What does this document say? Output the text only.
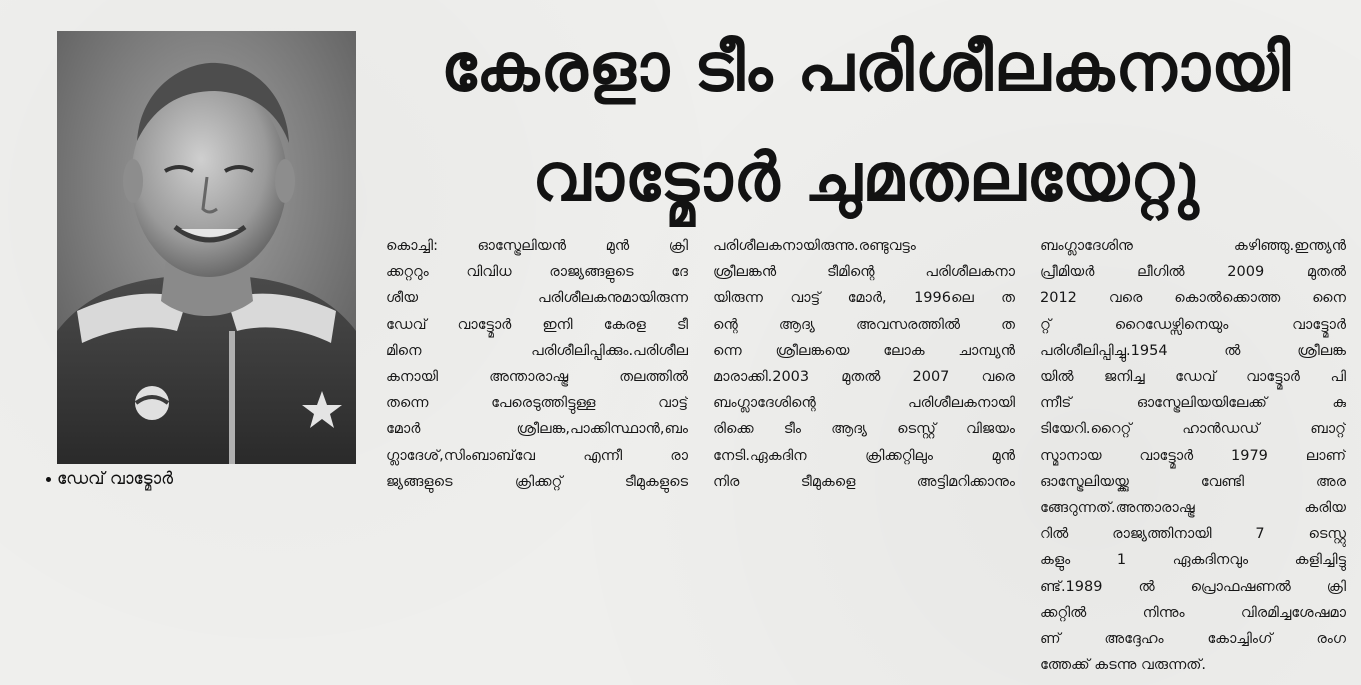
ഡേവ് വാട്മോർ
കേരളാ ടീം പരിശീലകനായി
വാട്മോർ ചുമതലയേറ്റു
കൊച്ചി: ഓസ്ട്രേലിയൻ മുൻ ക്രി
ക്കറ്ററും വിവിധ രാജ്യങ്ങളുടെ ദേ
ശീയ പരിശീലകനുമായിരുന്ന
ഡേവ് വാട്ട്മോർ ഇനി കേരള ടീ
മിനെ പരിശീലിപ്പിക്കും.പരിശീല
കനായി അന്താരാഷ്ട്ര തലത്തിൽ
തന്നെ പേരെടുത്തിട്ടുള്ള വാട്ട്
മോർ ശ്രീലങ്ക,പാക്കിസ്ഥാൻ,ബം
ഗ്ലാദേശ്,സിംബാബ്‌വേ എന്നീ രാ
ജ്യങ്ങളുടെ ക്രിക്കറ്റ് ടീമുകളുടെ
പരിശീലകനായിരുന്നു.രണ്ടുവട്ടം
ശ്രീലങ്കൻ ടീമിന്റെ പരിശീലകനാ
യിരുന്ന വാട്ട് മോർ, 1996ലെ ത
ന്റെ ആദ്യ അവസരത്തിൽ ത
ന്നെ ശ്രീലങ്കയെ ലോക ചാമ്പ്യൻ
മാരാക്കി.2003 മുതൽ 2007 വരെ
ബംഗ്ലാദേശിന്റെ പരിശീലകനായി
രിക്കെ ടീം ആദ്യ ടെസ്റ്റ് വിജയം
നേടി.ഏകദിന ക്രിക്കറ്റിലും മുൻ
നിര ടീമുകളെ അട്ടിമറിക്കാനും
ബംഗ്ലാദേശിനു കഴിഞ്ഞു.ഇന്ത്യൻ
പ്രീമിയർ ലീഗിൽ 2009 മുതൽ
2012 വരെ കൊൽക്കൊത്ത നൈ
റ്റ് റൈഡേഴ്സിനെയും വാട്ട്മോർ
പരിശീലിപ്പിച്ചു.1954 ൽ ശ്രീലങ്ക
യിൽ ജനിച്ച ഡേവ് വാട്ട്മോർ പി
ന്നീട് ഓസ്ട്രേലിയയിലേക്ക് കു
ടിയേറി.റൈറ്റ് ഹാൻഡഡ് ബാറ്റ്
സ്മാനായ വാട്ട്മോർ 1979 ലാണ്
ഓസ്ട്രേലിയയ്ക്കു വേണ്ടി അര
ങ്ങേറുന്നത്.അന്താരാഷ്ട്ര കരിയ
റിൽ രാജ്യത്തിനായി 7 ടെസ്റ്റു
കളും 1 ഏകദിനവും കളിച്ചിട്ടു
ണ്ട്.1989 ൽ പ്രൊഫഷണൽ ക്രി
ക്കറ്റിൽ നിന്നും വിരമിച്ചശേഷമാ
ണ് അദ്ദേഹം കോച്ചിംഗ് രംഗ
ത്തേക്ക് കടന്നു വരുന്നത്.
